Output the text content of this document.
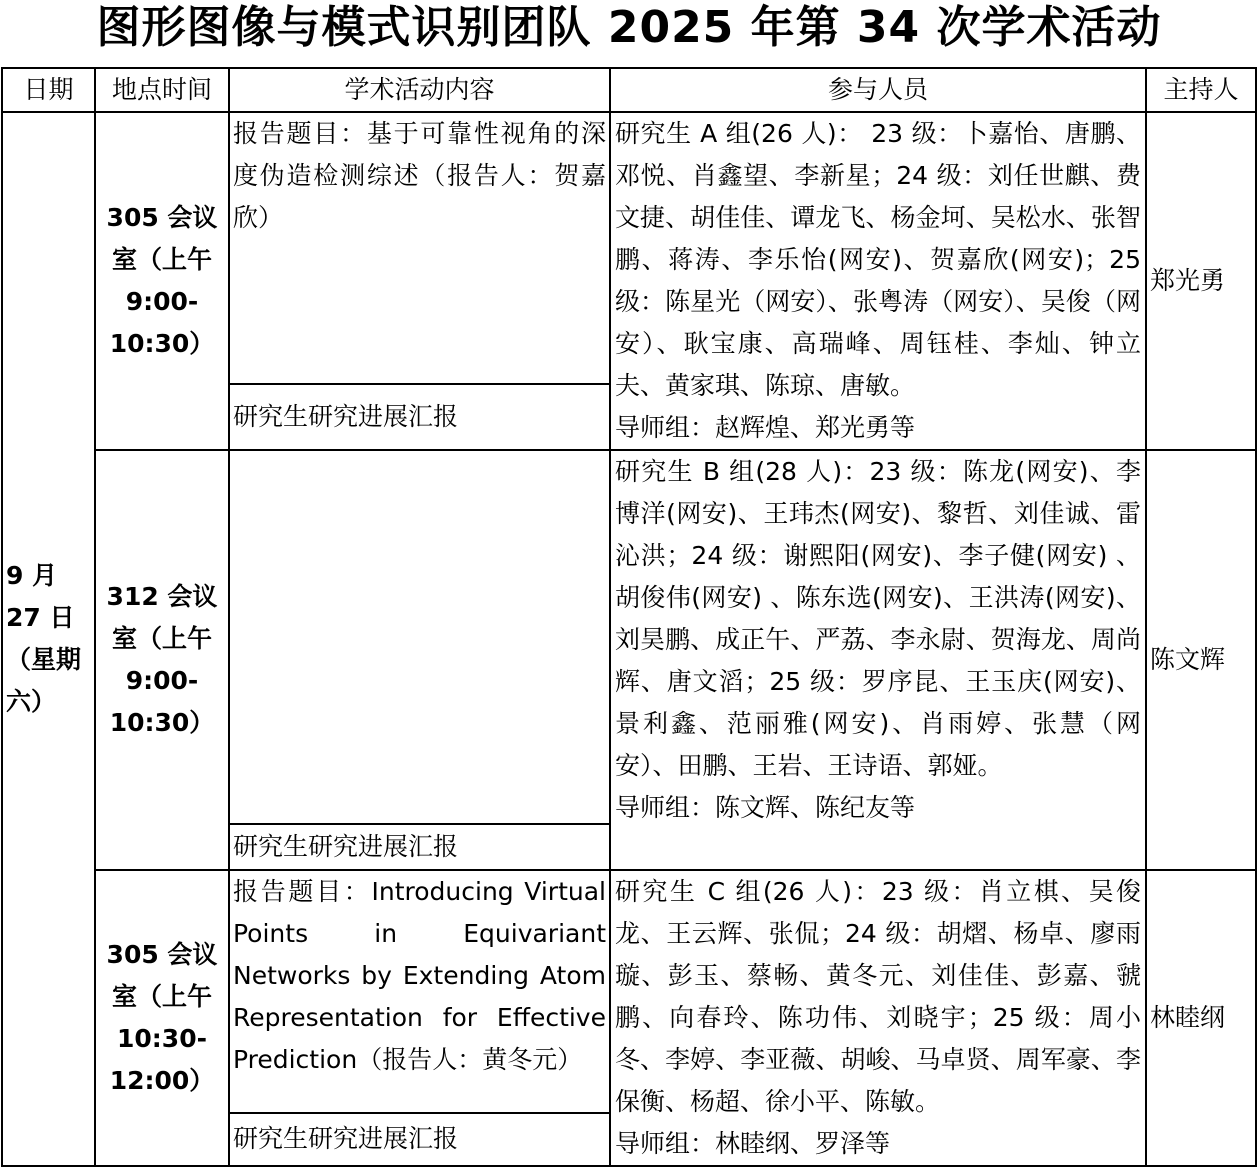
图形图像与模式识别团队 2025 年第 34 次学术活动
日期	地点时间	学术活动内容	参与人员	主持人
9 月 27 日（星期六）	305 会议室（上午 9:00-10:30）	报告题目：基于可靠性视角的深度伪造检测综述（报告人：贺嘉欣）	研究生 A 组(26 人)： 23 级：卜嘉怡、唐鹏、邓悦、肖鑫望、李新星；24 级：刘任世麒、费文捷、胡佳佳、谭龙飞、杨金坷、吴松水、张智鹏、蒋涛、李乐怡(网安)、贺嘉欣(网安)；25 级：陈星光（网安）、张粤涛（网安）、吴俊（网安）、耿宝康、高瑞峰、周钰桂、李灿、钟立夫、黄家琪、陈琼、唐敏。
导师组：赵辉煌、郑光勇等	郑光勇
		研究生研究进展汇报		

	312 会议室（上午 9:00-10:30）		研究生 B 组(28 人)：23 级：陈龙(网安)、李博洋(网安)、王玮杰(网安)、黎哲、刘佳诚、雷沁洪；24 级：谢熙阳(网安)、李子健(网安) 、胡俊伟(网安) 、陈东选(网安)、王洪涛(网安)、刘昊鹏、成正午、严荔、李永尉、贺海龙、周尚辉、唐文滔；25 级：罗序昆、王玉庆(网安)、景利鑫、范丽雅(网安)、肖雨婷、张慧（网安）、田鹏、王岩、王诗语、郭娅。
导师组：陈文辉、陈纪友等	陈文辉
		研究生研究进展汇报		

	305 会议室（上午 10:30-12:00）	报告题目：Introducing Virtual Points in Equivariant Networks by Extending Atom Representation for Effective Prediction（报告人：黄冬元）	研究生 C 组(26 人)：23 级：肖立棋、吴俊龙、王云辉、张侃；24 级：胡熠、杨卓、廖雨璇、彭玉、蔡畅、黄冬元、刘佳佳、彭嘉、虢鹏、向春玲、陈功伟、刘晓宇；25 级：周小冬、李婷、李亚薇、胡峻、马卓贤、周军豪、李保衡、杨超、徐小平、陈敏。
导师组：林睦纲、罗泽等	林睦纲
		研究生研究进展汇报		
